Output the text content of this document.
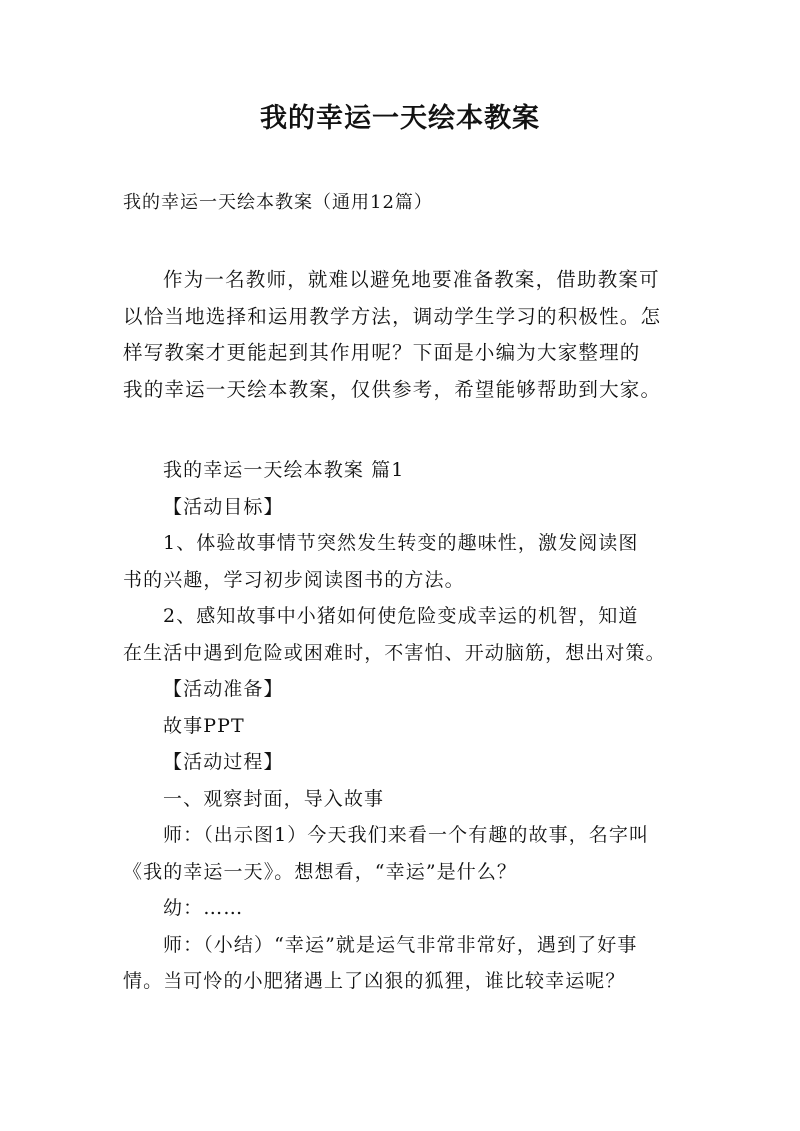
我的幸运一天绘本教案
我的幸运一天绘本教案（通用12篇）
作为一名教师，就难以避免地要准备教案，借助教案可
以恰当地选择和运用教学方法，调动学生学习的积极性。怎
样写教案才更能起到其作用呢？下面是小编为大家整理的
我的幸运一天绘本教案，仅供参考，希望能够帮助到大家。
我的幸运一天绘本教案 篇1
【活动目标】
1、体验故事情节突然发生转变的趣味性，激发阅读图
书的兴趣，学习初步阅读图书的方法。
2、感知故事中小猪如何使危险变成幸运的机智，知道
在生活中遇到危险或困难时，不害怕、开动脑筋，想出对策。
【活动准备】
故事PPT
【活动过程】
一、观察封面，导入故事
师：（出示图1）今天我们来看一个有趣的故事，名字叫
《我的幸运一天》。想想看，“幸运”是什么？
幼：……
师：（小结）“幸运”就是运气非常非常好，遇到了好事
情。当可怜的小肥猪遇上了凶狠的狐狸，谁比较幸运呢？
